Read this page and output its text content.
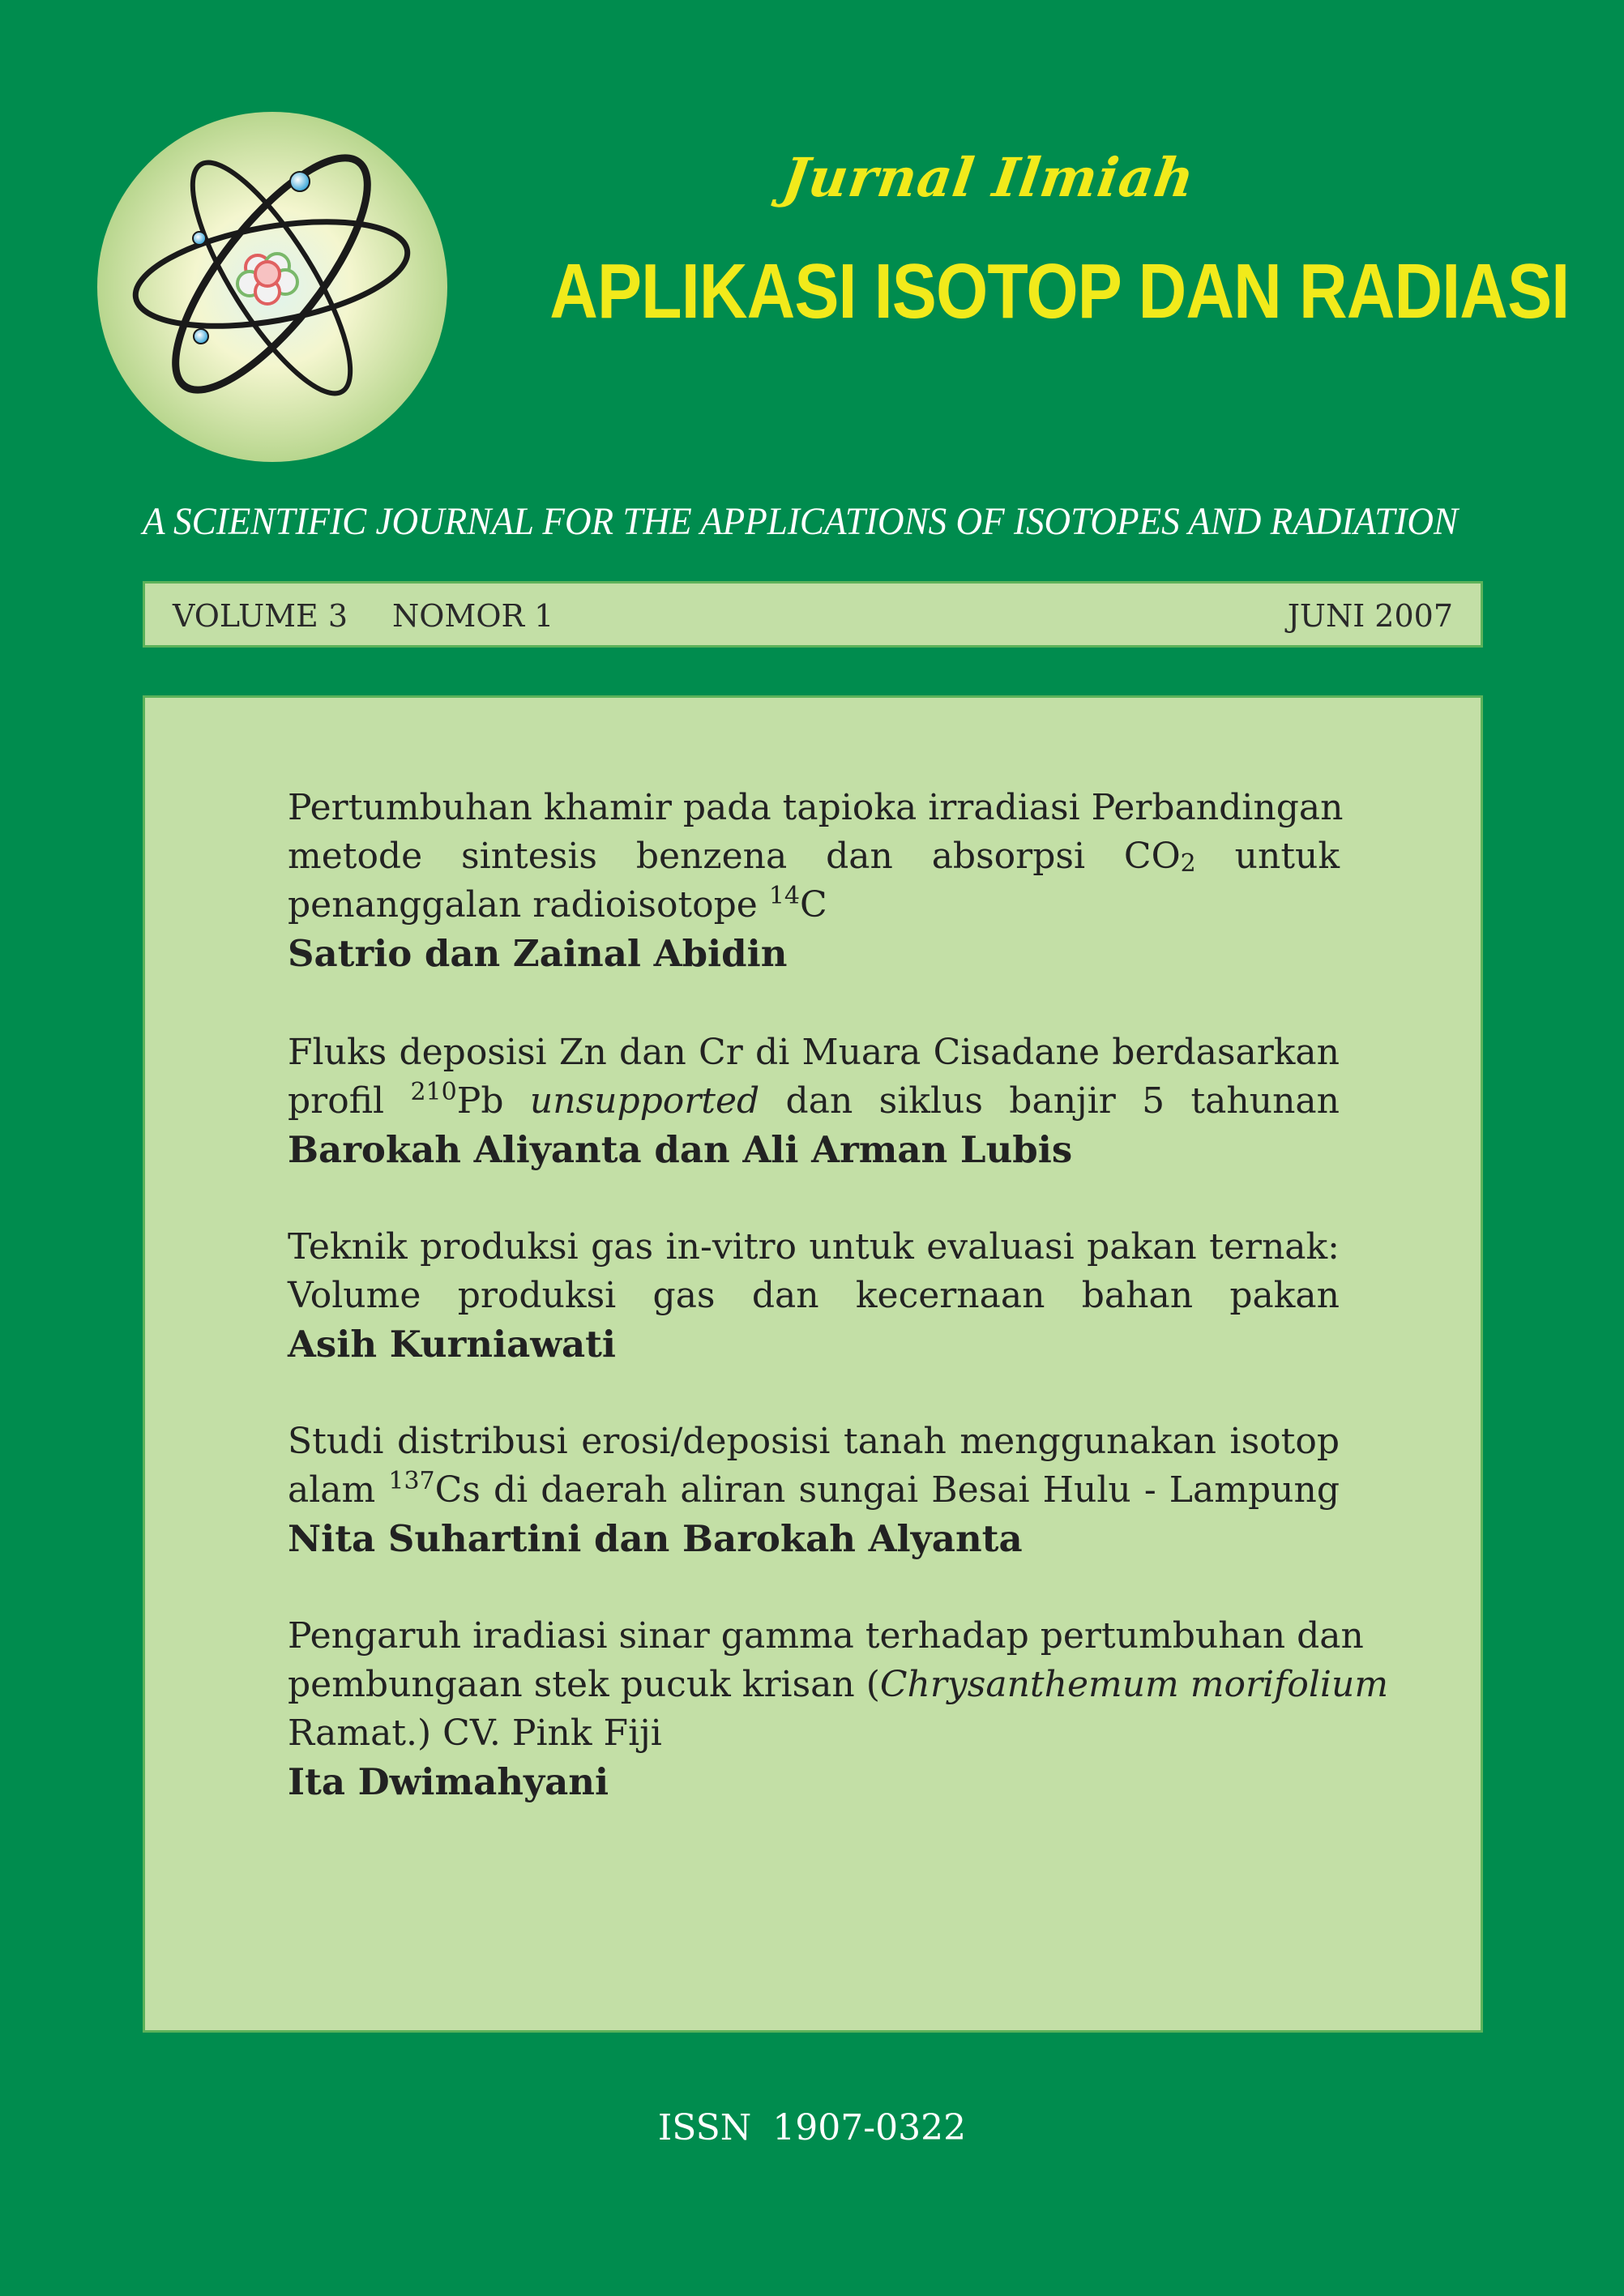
Jurnal Ilmiah
APLIKASI ISOTOP DAN RADIASI
A SCIENTIFIC JOURNAL FOR THE APPLICATIONS OF ISOTOPES AND RADIATION
VOLUME 3 NOMOR 1	JUNI 2007
Pertumbuhan khamir pada tapioka irradiasi Perbandingan
metode sintesis benzena dan absorpsi $CO_2$ untuk
penanggalan radioisotope $^{14}$C
Satrio dan Zainal Abidin
Fluks deposisi Zn dan Cr di Muara Cisadane berdasarkan
profil $^{210}$Pb unsupported dan siklus banjir 5 tahunan
Barokah Aliyanta dan Ali Arman Lubis
Teknik produksi gas in-vitro untuk evaluasi pakan ternak:
Volume produksi gas dan kecernaan bahan pakan
Asih Kurniawati
Studi distribusi erosi/deposisi tanah menggunakan isotop
alam $^{137}$Cs di daerah aliran sungai Besai Hulu - Lampung
Nita Suhartini dan Barokah Alyanta
Pengaruh iradiasi sinar gamma terhadap pertumbuhan dan
pembungaan stek pucuk krisan (Chrysanthemum morifolium
Ramat.) CV. Pink Fiji
Ita Dwimahyani
ISSN 1907-0322
